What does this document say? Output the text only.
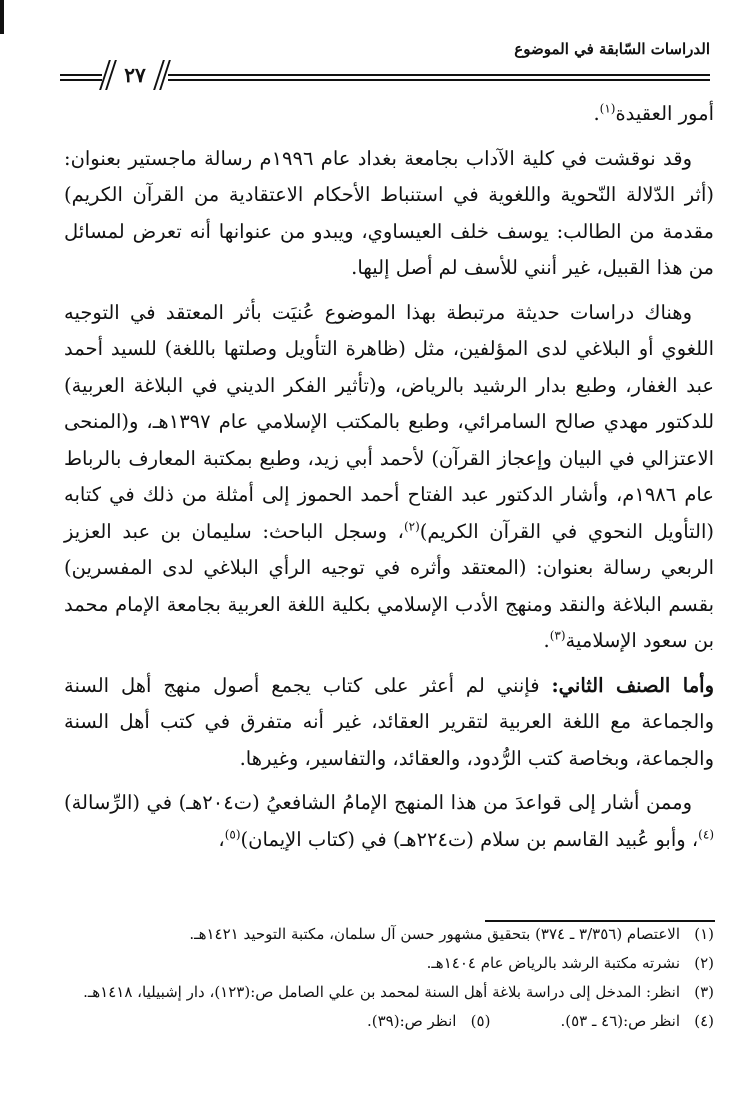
الدراسات السّابقة في الموضوع
٢٧

أمور العقيدة$^{(١)}$.

وقد نوقشت في كلية الآداب بجامعة بغداد عام ١٩٩٦م رسالة ماجستير بعنوان: (أثر الدّلالة النّحوية واللغوية في استنباط الأحكام الاعتقادية من القرآن الكريم) مقدمة من الطالب: يوسف خلف العيساوي، ويبدو من عنوانها أنه تعرض لمسائل من هذا القبيل، غير أنني للأسف لم أصل إليها.

وهناك دراسات حديثة مرتبطة بهذا الموضوع عُنيَت بأثر المعتقد في التوجيه اللغوي أو البلاغي لدى المؤلفين، مثل (ظاهرة التأويل وصلتها باللغة) للسيد أحمد عبد الغفار، وطبع بدار الرشيد بالرياض، و(تأثير الفكر الديني في البلاغة العربية) للدكتور مهدي صالح السامرائي، وطبع بالمكتب الإسلامي عام ١٣٩٧هـ، و(المنحى الاعتزالي في البيان وإعجاز القرآن) لأحمد أبي زيد، وطبع بمكتبة المعارف بالرباط عام ١٩٨٦م، وأشار الدكتور عبد الفتاح أحمد الحموز إلى أمثلة من ذلك في كتابه (التأويل النحوي في القرآن الكريم)$^{(٢)}$، وسجل الباحث: سليمان بن عبد العزيز الربعي رسالة بعنوان: (المعتقد وأثره في توجيه الرأي البلاغي لدى المفسرين) بقسم البلاغة والنقد ومنهج الأدب الإسلامي بكلية اللغة العربية بجامعة الإمام محمد بن سعود الإسلامية$^{(٣)}$.

وأما الصنف الثاني: فإنني لم أعثر على كتاب يجمع أصول منهج أهل السنة والجماعة مع اللغة العربية لتقرير العقائد، غير أنه متفرق في كتب أهل السنة والجماعة، وبخاصة كتب الرُّدود، والعقائد، والتفاسير، وغيرها.

وممن أشار إلى قواعدَ من هذا المنهج الإمامُ الشافعيُ (ت٢٠٤هـ) في (الرِّسالة)$^{(٤)}$، وأبو عُبيد القاسم بن سلام (ت٢٢٤هـ) في (كتاب الإيمان)$^{(٥)}$،

(١)
الاعتصام (٣/٣٥٦ ـ ٣٧٤) بتحقيق مشهور حسن آل سلمان، مكتبة التوحيد ١٤٢١هـ.
(٢)
نشرته مكتبة الرشد بالرياض عام ١٤٠٤هـ.
(٣)
انظر: المدخل إلى دراسة بلاغة أهل السنة لمحمد بن علي الصامل ص:(١٢٣)، دار إشبيليا، ١٤١٨هـ.
(٤)
انظر ص:(٤٦ ـ ٥٣).
(٥)
انظر ص:(٣٩).
